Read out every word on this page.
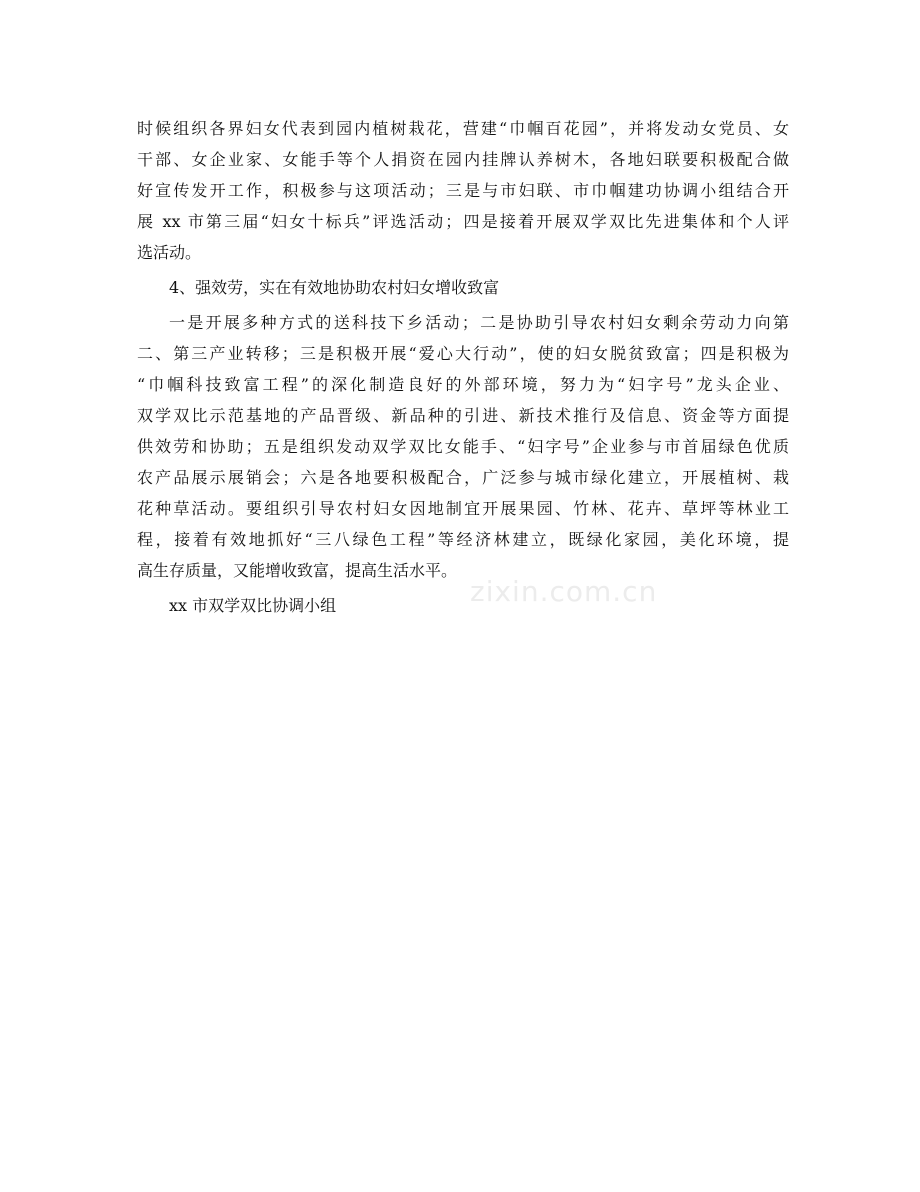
zixin.com.cn
时候组织各界妇女代表到园内植树栽花，营建“巾帼百花园”，并将发动女党员、女
干部、女企业家、女能手等个人捐资在园内挂牌认养树木，各地妇联要积极配合做
好宣传发开工作，积极参与这项活动；三是与市妇联、市巾帼建功协调小组结合开
展 xx 市第三届“妇女十标兵”评选活动；四是接着开展双学双比先进集体和个人评
选活动。
4、强效劳，实在有效地协助农村妇女增收致富
一是开展多种方式的送科技下乡活动；二是协助引导农村妇女剩余劳动力向第
二、第三产业转移；三是积极开展“爱心大行动”，使的妇女脱贫致富；四是积极为
“巾帼科技致富工程”的深化制造良好的外部环境，努力为“妇字号”龙头企业、
双学双比示范基地的产品晋级、新品种的引进、新技术推行及信息、资金等方面提
供效劳和协助；五是组织发动双学双比女能手、“妇字号”企业参与市首届绿色优质
农产品展示展销会；六是各地要积极配合，广泛参与城市绿化建立，开展植树、栽
花种草活动。要组织引导农村妇女因地制宜开展果园、竹林、花卉、草坪等林业工
程，接着有效地抓好“三八绿色工程”等经济林建立，既绿化家园，美化环境，提
高生存质量，又能增收致富，提高生活水平。
xx 市双学双比协调小组
